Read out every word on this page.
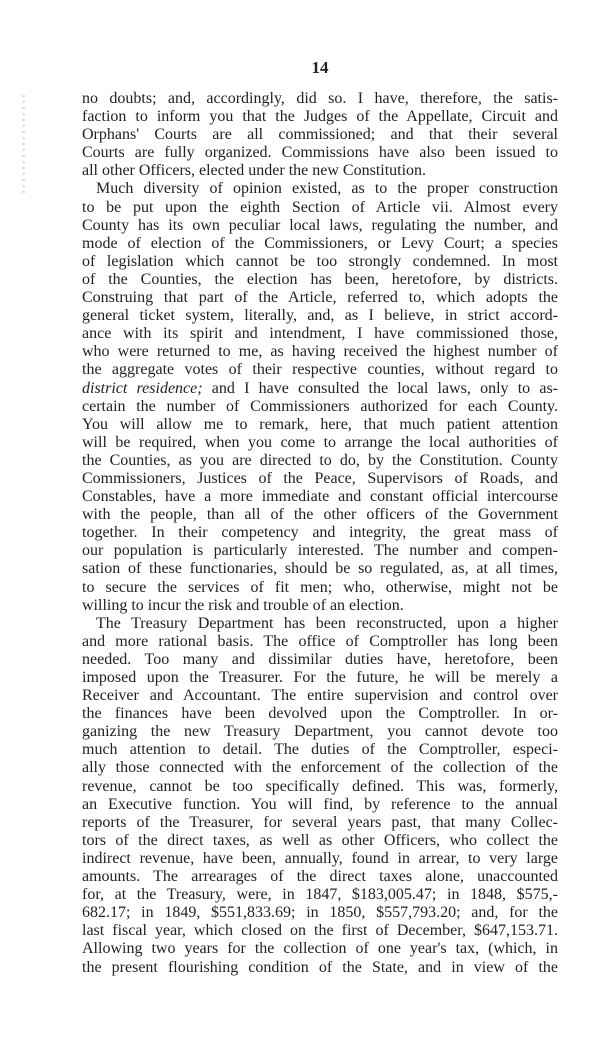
14
no doubts; and, accordingly, did so. I have, therefore, the satis-
faction to inform you that the Judges of the Appellate, Circuit and
Orphans' Courts are all commissioned; and that their several
Courts are fully organized. Commissions have also been issued to
all other Officers, elected under the new Constitution.
Much diversity of opinion existed, as to the proper construction
to be put upon the eighth Section of Article vii. Almost every
County has its own peculiar local laws, regulating the number, and
mode of election of the Commissioners, or Levy Court; a species
of legislation which cannot be too strongly condemned. In most
of the Counties, the election has been, heretofore, by districts.
Construing that part of the Article, referred to, which adopts the
general ticket system, literally, and, as I believe, in strict accord-
ance with its spirit and intendment, I have commissioned those,
who were returned to me, as having received the highest number of
the aggregate votes of their respective counties, without regard to
district residence; and I have consulted the local laws, only to as-
certain the number of Commissioners authorized for each County.
You will allow me to remark, here, that much patient attention
will be required, when you come to arrange the local authorities of
the Counties, as you are directed to do, by the Constitution. County
Commissioners, Justices of the Peace, Supervisors of Roads, and
Constables, have a more immediate and constant official intercourse
with the people, than all of the other officers of the Government
together. In their competency and integrity, the great mass of
our population is particularly interested. The number and compen-
sation of these functionaries, should be so regulated, as, at all times,
to secure the services of fit men; who, otherwise, might not be
willing to incur the risk and trouble of an election.
The Treasury Department has been reconstructed, upon a higher
and more rational basis. The office of Comptroller has long been
needed. Too many and dissimilar duties have, heretofore, been
imposed upon the Treasurer. For the future, he will be merely a
Receiver and Accountant. The entire supervision and control over
the finances have been devolved upon the Comptroller. In or-
ganizing the new Treasury Department, you cannot devote too
much attention to detail. The duties of the Comptroller, especi-
ally those connected with the enforcement of the collection of the
revenue, cannot be too specifically defined. This was, formerly,
an Executive function. You will find, by reference to the annual
reports of the Treasurer, for several years past, that many Collec-
tors of the direct taxes, as well as other Officers, who collect the
indirect revenue, have been, annually, found in arrear, to very large
amounts. The arrearages of the direct taxes alone, unaccounted
for, at the Treasury, were, in 1847, $183,005.47; in 1848, $575,-
682.17; in 1849, $551,833.69; in 1850, $557,793.20; and, for the
last fiscal year, which closed on the first of December, $647,153.71.
Allowing two years for the collection of one year's tax, (which, in
the present flourishing condition of the State, and in view of the
